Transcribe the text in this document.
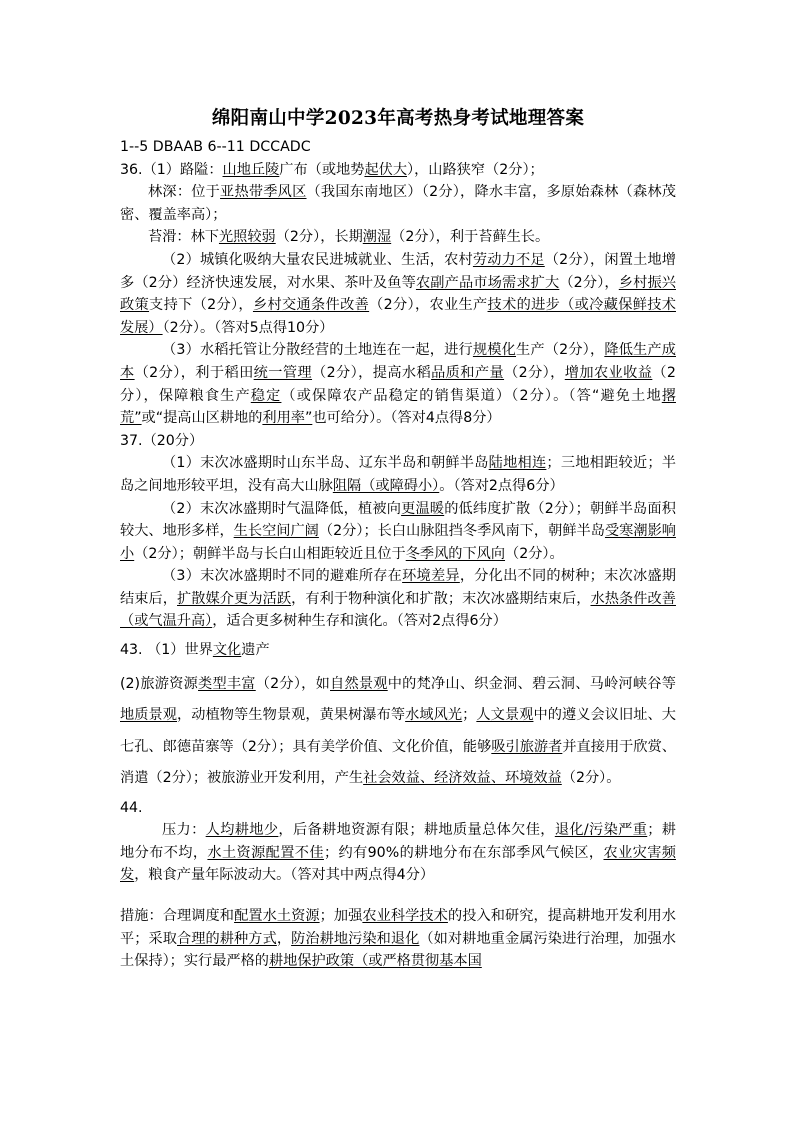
绵阳南山中学2023年高考热身考试地理答案

1--5 DBAAB 6--11 DCCADC

36.（1）路隘：山地丘陵广布（或地势起伏大），山路狭窄（2分）；

林深：位于亚热带季风区（我国东南地区）（2分），降水丰富，多原始森林（森林茂密、覆盖率高）；

苔滑：林下光照较弱（2分），长期潮湿（2分），利于苔藓生长。

（2）城镇化吸纳大量农民进城就业、生活，农村劳动力不足（2分），闲置土地增多（2分）经济快速发展，对水果、茶叶及鱼等农副产品市场需求扩大（2分），乡村振兴政策支持下（2分），乡村交通条件改善（2分），农业生产技术的进步（或冷藏保鲜技术发展）（2分）。（答对5点得10分）

（3）水稻托管让分散经营的土地连在一起，进行规模化生产（2分），降低生产成本（2分），利于稻田统一管理（2分），提高水稻品质和产量（2分），增加农业收益（2分），保障粮食生产稳定（或保障农产品稳定的销售渠道）（2分）。（答“避免土地撂荒”或“提高山区耕地的利用率”也可给分）。（答对4点得8分）

37.（20分）

（1）末次冰盛期时山东半岛、辽东半岛和朝鲜半岛陆地相连；三地相距较近；半岛之间地形较平坦，没有高大山脉阻隔（或障碍小）。（答对2点得6分）

（2）末次冰盛期时气温降低，植被向更温暖的低纬度扩散（2分）；朝鲜半岛面积较大、地形多样，生长空间广阔（2分）；长白山脉阻挡冬季风南下，朝鲜半岛受寒潮影响小（2分）；朝鲜半岛与长白山相距较近且位于冬季风的下风向（2分）。

（3）末次冰盛期时不同的避难所存在环境差异，分化出不同的树种；末次冰盛期结束后，扩散媒介更为活跃，有利于物种演化和扩散；末次冰盛期结束后，水热条件改善（或气温升高），适合更多树种生存和演化。（答对2点得6分）

43. （1）世界文化遗产

(2)旅游资源类型丰富（2分），如自然景观中的梵净山、织金洞、碧云洞、马岭河峡谷等地质景观，动植物等生物景观，黄果树瀑布等水域风光；人文景观中的遵义会议旧址、大七孔、郎德苗寨等（2分）；具有美学价值、文化价值，能够吸引旅游者并直接用于欣赏、消遣（2分）；被旅游业开发利用，产生社会效益、经济效益、环境效益（2分）。

44.

压力：人均耕地少，后备耕地资源有限；耕地质量总体欠佳，退化/污染严重；耕地分布不均，水土资源配置不佳；约有90%的耕地分布在东部季风气候区，农业灾害频发，粮食产量年际波动大。（答对其中两点得4分）

措施：合理调度和配置水土资源；加强农业科学技术的投入和研究，提高耕地开发利用水平；采取合理的耕种方式，防治耕地污染和退化（如对耕地重金属污染进行治理，加强水土保持）；实行最严格的耕地保护政策（或严格贯彻基本国
